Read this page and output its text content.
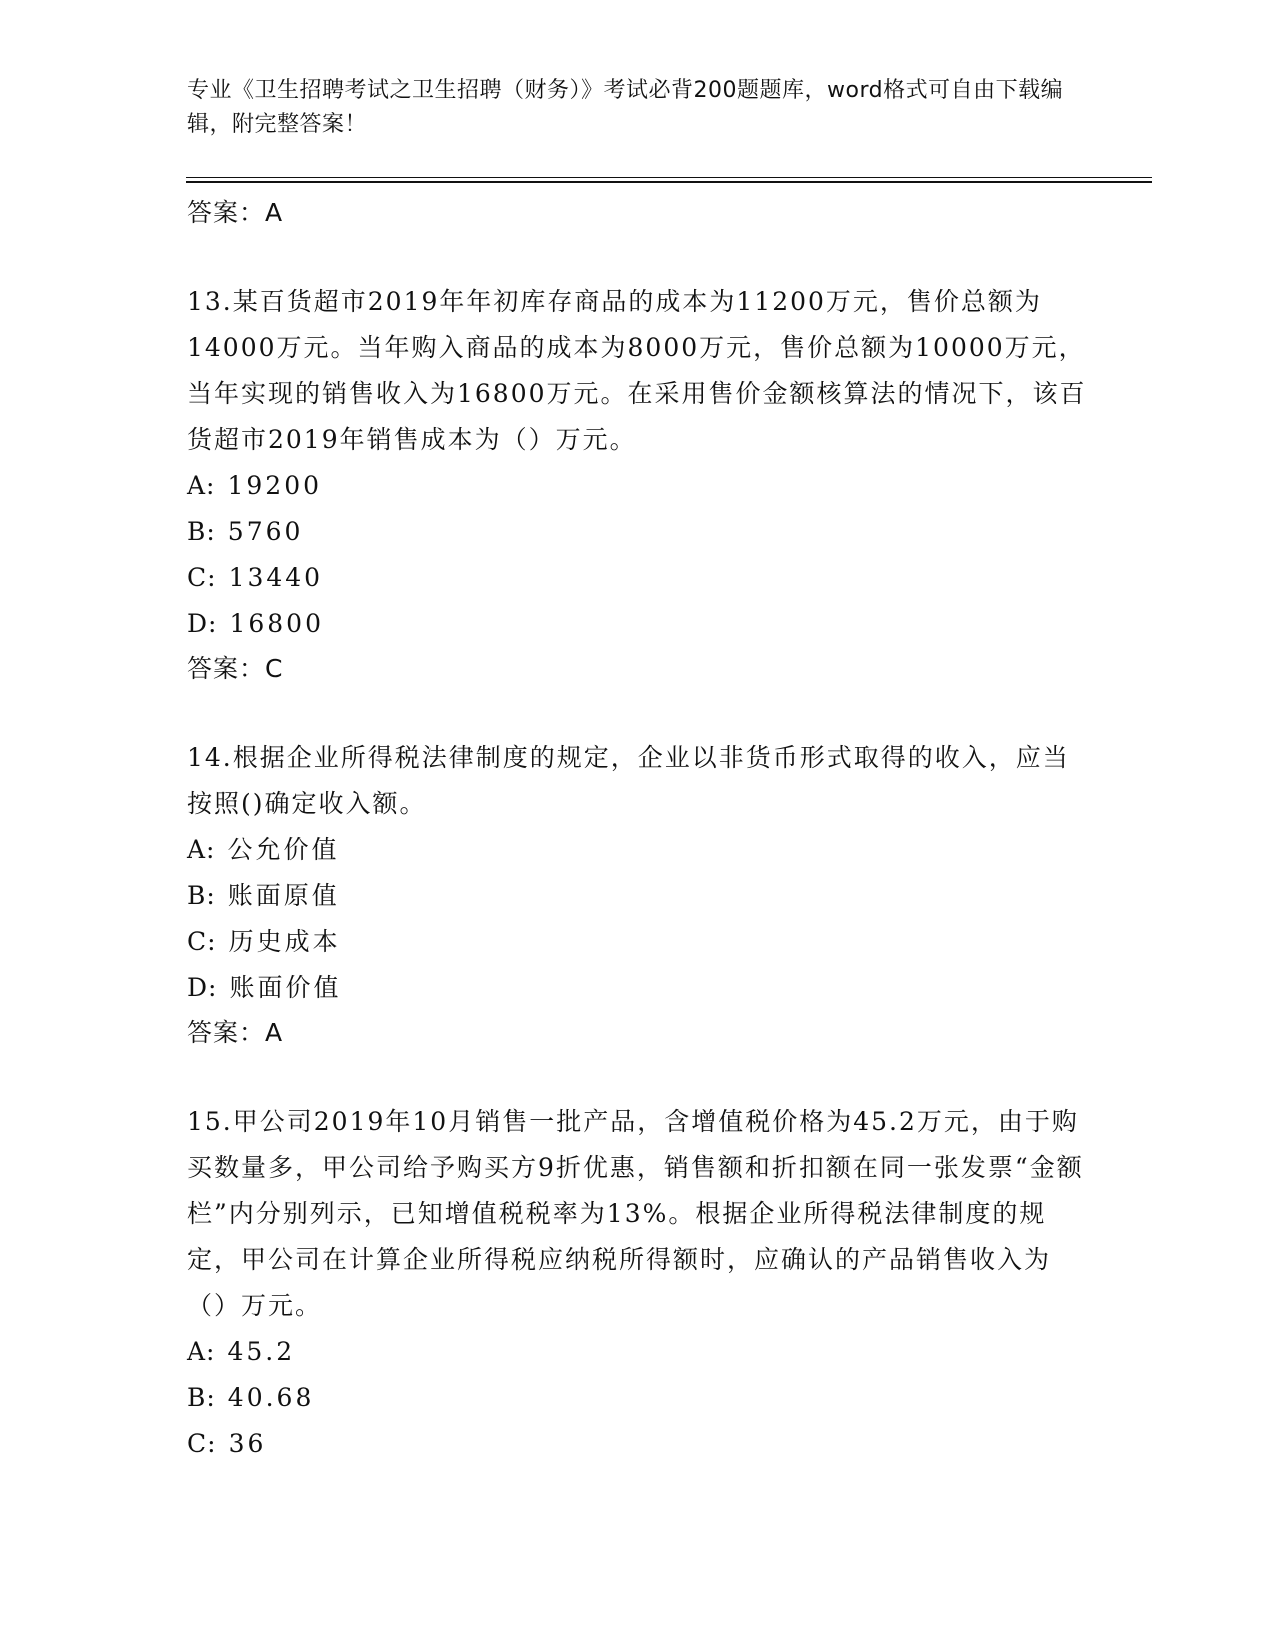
专业《卫生招聘考试之卫生招聘（财务）》考试必背200题题库，word格式可自由下载编辑，附完整答案！
答案：A
13.某百货超市2019年年初库存商品的成本为11200万元，售价总额为14000万元。当年购入商品的成本为8000万元，售价总额为10000万元，当年实现的销售收入为16800万元。在采用售价金额核算法的情况下，该百货超市2019年销售成本为（）万元。
A: 19200
B: 5760
C: 13440
D: 16800
答案：C
14.根据企业所得税法律制度的规定，企业以非货币形式取得的收入，应当按照()确定收入额。
A: 公允价值
B: 账面原值
C: 历史成本
D: 账面价值
答案：A
15.甲公司2019年10月销售一批产品，含增值税价格为45.2万元，由于购买数量多，甲公司给予购买方9折优惠，销售额和折扣额在同一张发票“金额栏”内分别列示，已知增值税税率为13%。根据企业所得税法律制度的规定，甲公司在计算企业所得税应纳税所得额时，应确认的产品销售收入为（）万元。
A: 45.2
B: 40.68
C: 36
